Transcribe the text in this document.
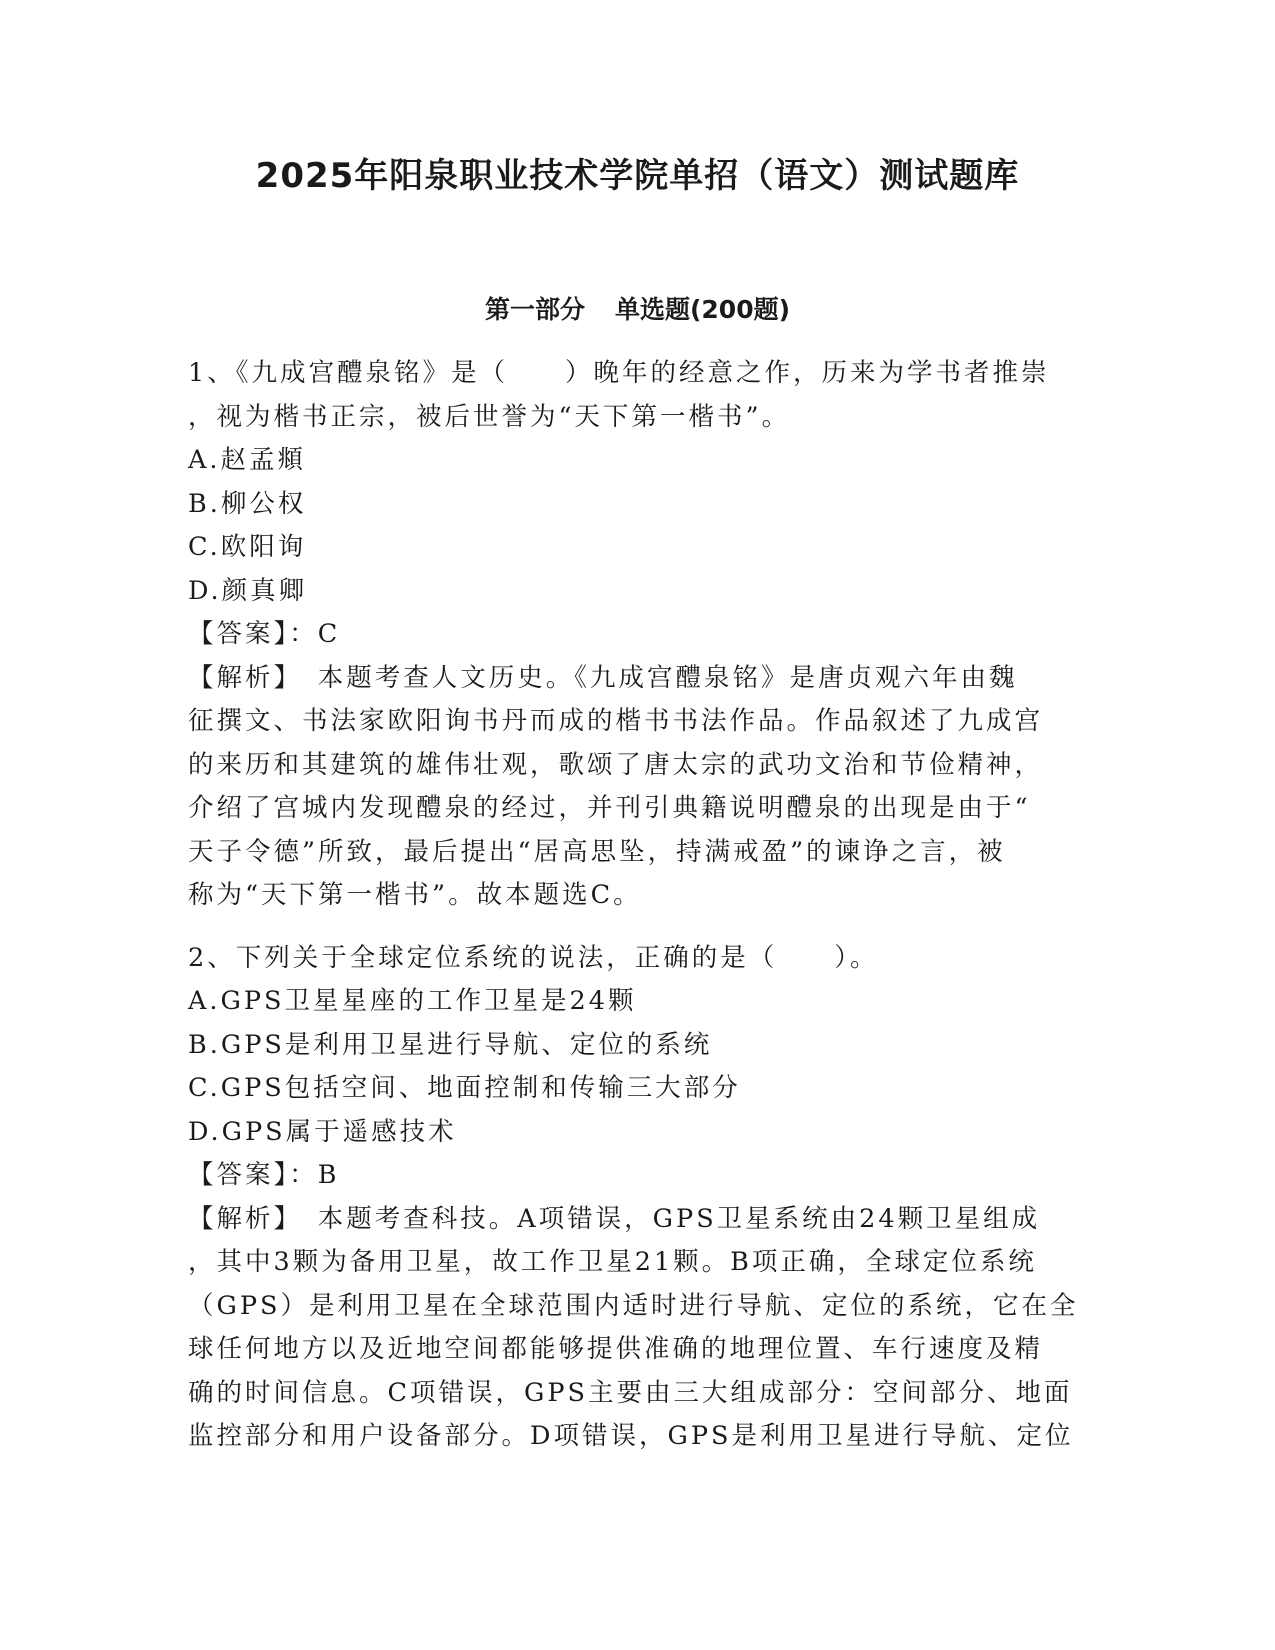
2025年阳泉职业技术学院单招（语文）测试题库
第一部分 单选题(200题)
1、《九成宫醴泉铭》是（　　）晚年的经意之作，历来为学书者推崇
，视为楷书正宗，被后世誉为“天下第一楷书”。
A.赵孟頫
B.柳公权
C.欧阳询
D.颜真卿
【答案】：C
【解析】　本题考查人文历史。《九成宫醴泉铭》是唐贞观六年由魏
征撰文、书法家欧阳询书丹而成的楷书书法作品。作品叙述了九成宫
的来历和其建筑的雄伟壮观，歌颂了唐太宗的武功文治和节俭精神，
介绍了宫城内发现醴泉的经过，并刊引典籍说明醴泉的出现是由于“
天子令德”所致，最后提出“居高思坠，持满戒盈”的谏诤之言，被
称为“天下第一楷书”。故本题选C。
2、下列关于全球定位系统的说法，正确的是（　　）。
A.GPS卫星星座的工作卫星是24颗
B.GPS是利用卫星进行导航、定位的系统
C.GPS包括空间、地面控制和传输三大部分
D.GPS属于遥感技术
【答案】：B
【解析】　本题考查科技。A项错误，GPS卫星系统由24颗卫星组成
，其中3颗为备用卫星，故工作卫星21颗。B项正确，全球定位系统
（GPS）是利用卫星在全球范围内适时进行导航、定位的系统，它在全
球任何地方以及近地空间都能够提供准确的地理位置、车行速度及精
确的时间信息。C项错误，GPS主要由三大组成部分：空间部分、地面
监控部分和用户设备部分。D项错误，GPS是利用卫星进行导航、定位
